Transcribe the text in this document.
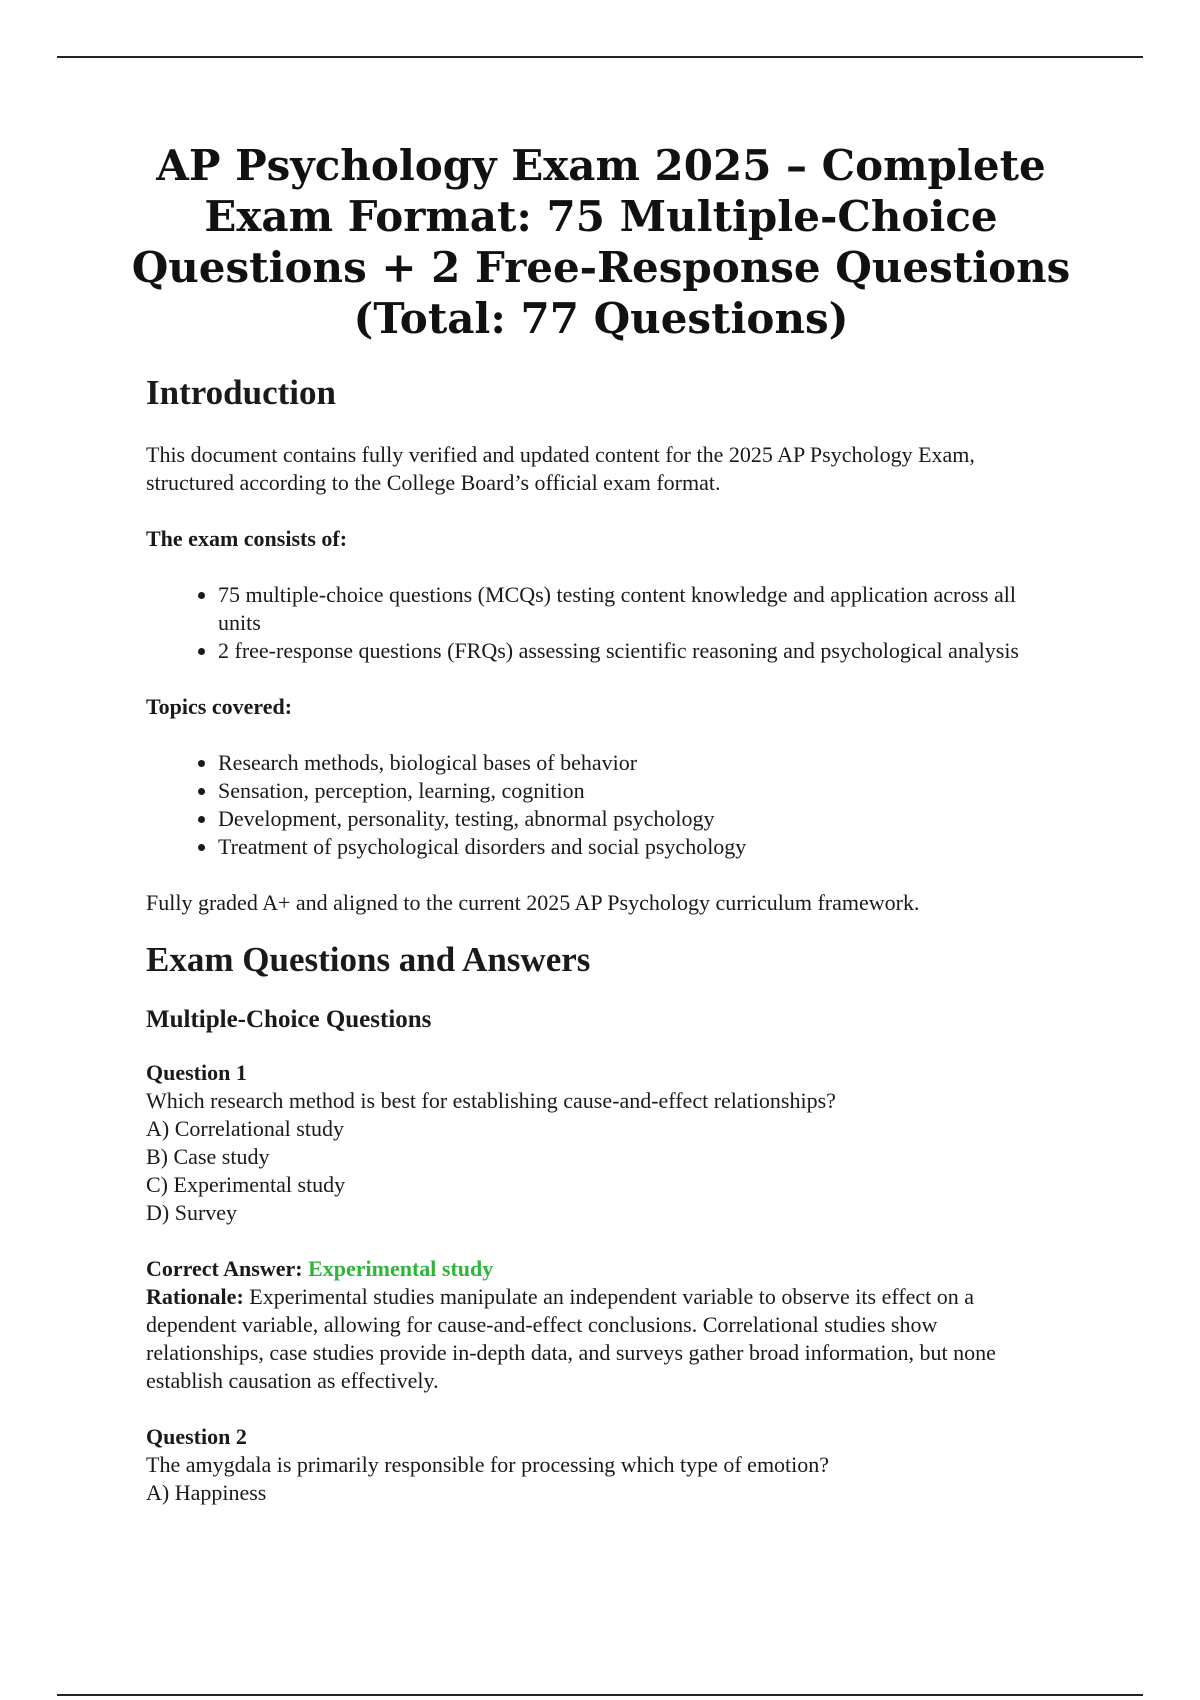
AP Psychology Exam 2025 – Complete Exam Format: 75 Multiple-Choice Questions + 2 Free-Response Questions (Total: 77 Questions)
Introduction

This document contains fully verified and updated content for the 2025 AP Psychology Exam, structured according to the College Board’s official exam format.

The exam consists of:

• 75 multiple-choice questions (MCQs) testing content knowledge and application across all units
• 2 free-response questions (FRQs) assessing scientific reasoning and psychological analysis

Topics covered:

• Research methods, biological bases of behavior
• Sensation, perception, learning, cognition
• Development, personality, testing, abnormal psychology
• Treatment of psychological disorders and social psychology

Fully graded A+ and aligned to the current 2025 AP Psychology curriculum framework.

Exam Questions and Answers
Multiple-Choice Questions
Question 1
Which research method is best for establishing cause-and-effect relationships?
A) Correlational study
B) Case study
C) Experimental study
D) Survey
Correct Answer: Experimental study
Rationale: Experimental studies manipulate an independent variable to observe its effect on a dependent variable, allowing for cause-and-effect conclusions. Correlational studies show relationships, case studies provide in-depth data, and surveys gather broad information, but none establish causation as effectively.
Question 2
The amygdala is primarily responsible for processing which type of emotion?
A) Happiness
